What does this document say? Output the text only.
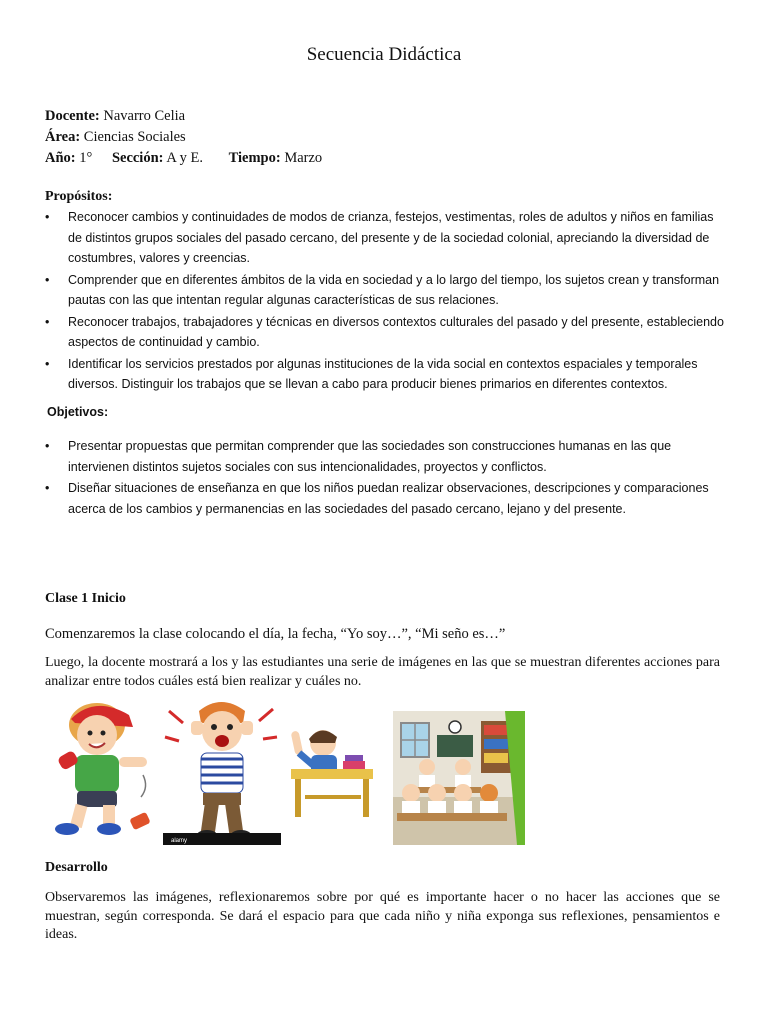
Secuencia Didáctica
Docente: Navarro Celia
Área: Ciencias Sociales
Año: 1° Sección: A y E. Tiempo: Marzo
Propósitos:
• Reconocer cambios y continuidades de modos de crianza, festejos, vestimentas, roles de adultos y niños en familias de distintos grupos sociales del pasado cercano, del presente y de la sociedad colonial, apreciando la diversidad de costumbres, valores y creencias.
• Comprender que en diferentes ámbitos de la vida en sociedad y a lo largo del tiempo, los sujetos crean y transforman pautas con las que intentan regular algunas características de sus relaciones.
• Reconocer trabajos, trabajadores y técnicas en diversos contextos culturales del pasado y del presente, estableciendo aspectos de continuidad y cambio.
• Identificar los servicios prestados por algunas instituciones de la vida social en contextos espaciales y temporales diversos. Distinguir los trabajos que se llevan a cabo para producir bienes primarios en diferentes contextos.
Objetivos:
• Presentar propuestas que permitan comprender que las sociedades son construcciones humanas en las que intervienen distintos sujetos sociales con sus intencionalidades, proyectos y conflictos.
• Diseñar situaciones de enseñanza en que los niños puedan realizar observaciones, descripciones y comparaciones acerca de los cambios y permanencias en las sociedades del pasado cercano, lejano y del presente.
Clase 1 Inicio
Comenzaremos la clase colocando el día, la fecha, “Yo soy…”, “Mi seño es…”
Luego, la docente mostrará a los y las estudiantes una serie de imágenes en las que se muestran diferentes acciones para analizar entre todos cuáles está bien realizar y cuáles no.
alamy
Desarrollo
Observaremos las imágenes, reflexionaremos sobre por qué es importante hacer o no hacer las acciones que se muestran, según corresponda. Se dará el espacio para que cada niño y niña exponga sus reflexiones, pensamientos e ideas.
